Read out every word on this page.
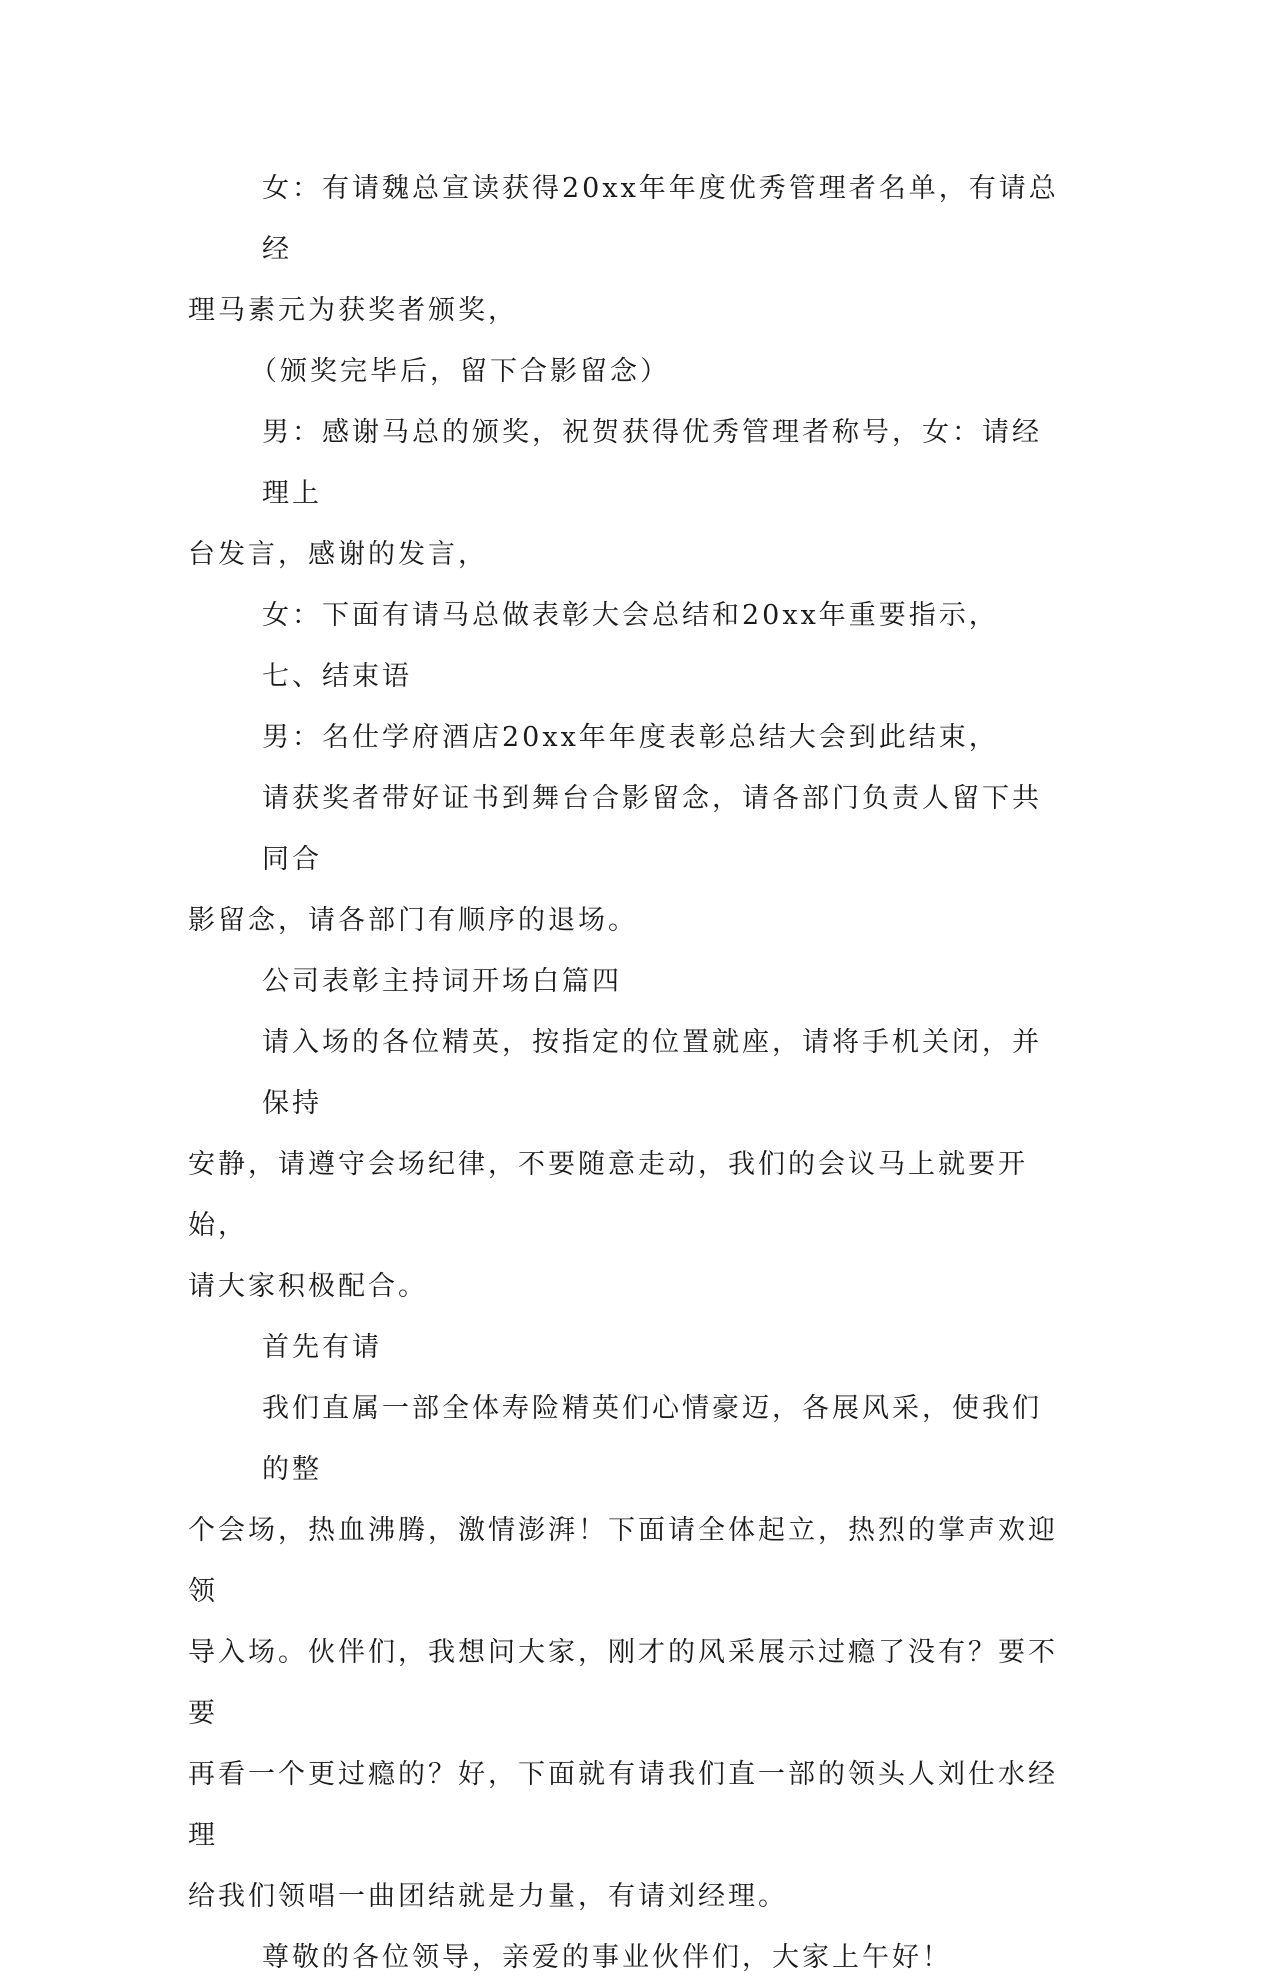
女：有请魏总宣读获得20xx年年度优秀管理者名单，有请总经
理马素元为获奖者颁奖，

（颁奖完毕后，留下合影留念）

男：感谢马总的颁奖，祝贺获得优秀管理者称号，女：请经理上
台发言，感谢的发言，

女：下面有请马总做表彰大会总结和20xx年重要指示，

七、结束语

男：名仕学府酒店20xx年年度表彰总结大会到此结束，

请获奖者带好证书到舞台合影留念，请各部门负责人留下共同合
影留念，请各部门有顺序的退场。

公司表彰主持词开场白篇四

请入场的各位精英，按指定的位置就座，请将手机关闭，并保持
安静，请遵守会场纪律，不要随意走动，我们的会议马上就要开始，
请大家积极配合。

首先有请

我们直属一部全体寿险精英们心情豪迈，各展风采，使我们的整
个会场，热血沸腾，激情澎湃！下面请全体起立，热烈的掌声欢迎领
导入场。伙伴们，我想问大家，刚才的风采展示过瘾了没有？要不要
再看一个更过瘾的？好，下面就有请我们直一部的领头人刘仕水经理
给我们领唱一曲团结就是力量，有请刘经理。

尊敬的各位领导，亲爱的事业伙伴们，大家上午好！
